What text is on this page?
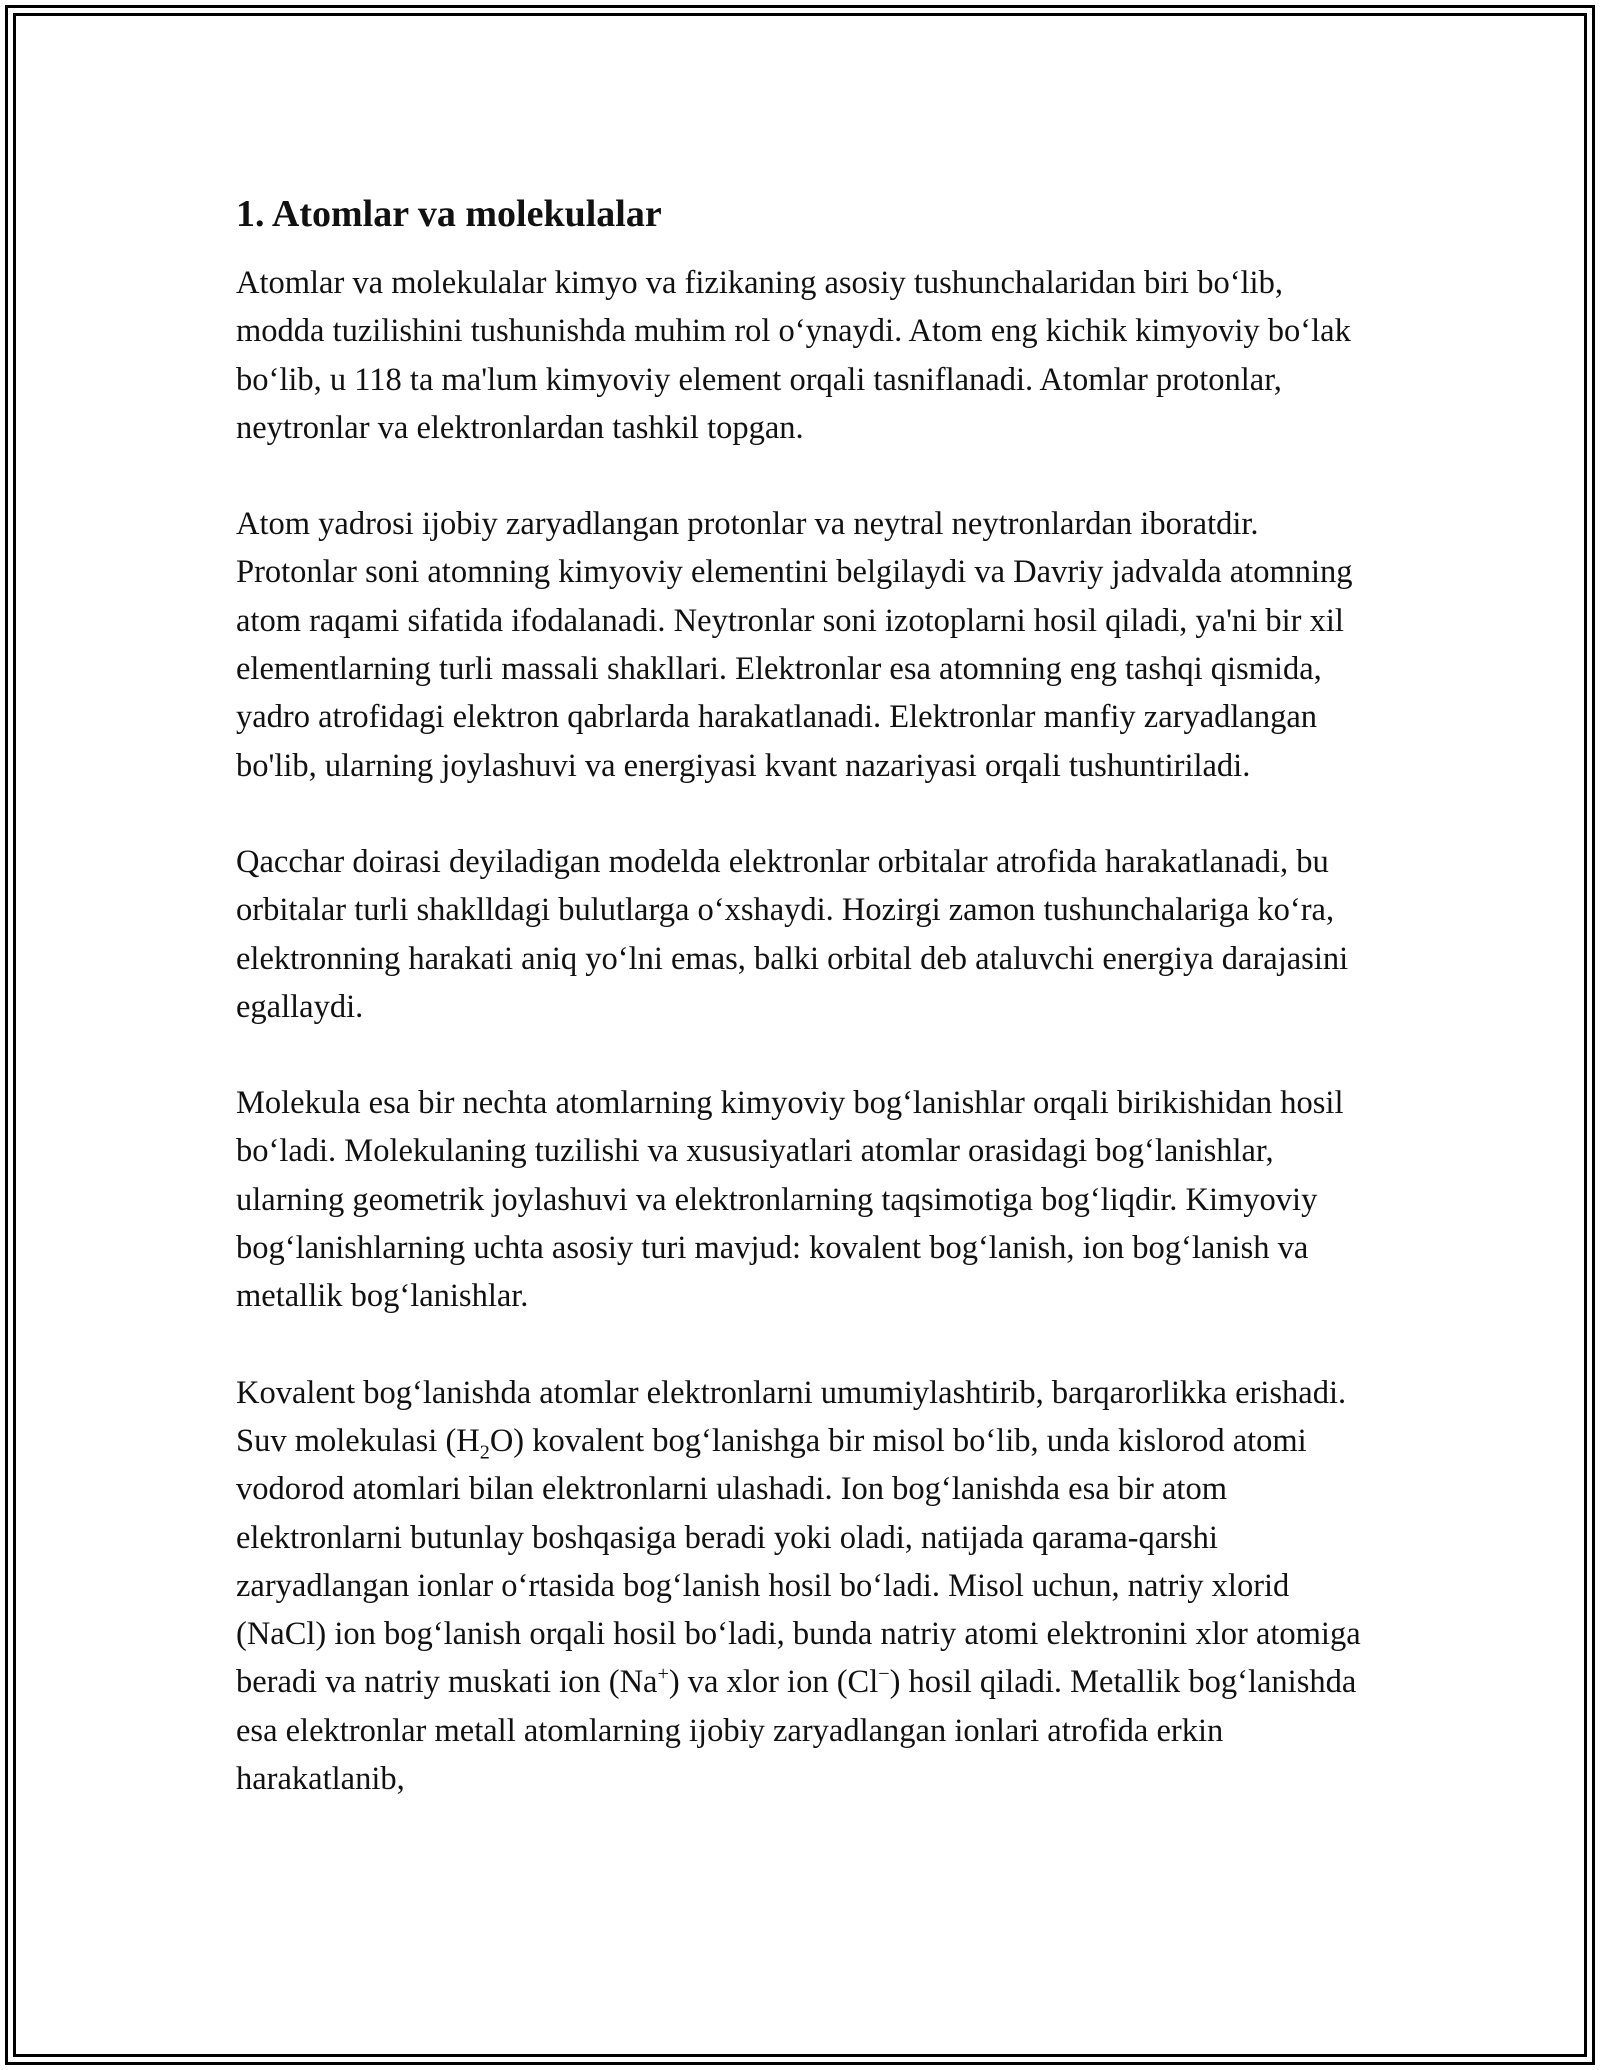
1. Atomlar va molekulalar

Atomlar va molekulalar kimyo va fizikaning asosiy tushunchalaridan biri boʻlib, modda tuzilishini tushunishda muhim rol oʻynaydi. Atom eng kichik kimyoviy boʻlak boʻlib, u 118 ta ma'lum kimyoviy element orqali tasniflanadi. Atomlar protonlar, neytronlar va elektronlardan tashkil topgan.

Atom yadrosi ijobiy zaryadlangan protonlar va neytral neytronlardan iboratdir. Protonlar soni atomning kimyoviy elementini belgilaydi va Davriy jadvalda atomning atom raqami sifatida ifodalanadi. Neytronlar soni izotoplarni hosil qiladi, ya'ni bir xil elementlarning turli massali shakllari. Elektronlar esa atomning eng tashqi qismida, yadro atrofidagi elektron qabrlarda harakatlanadi. Elektronlar manfiy zaryadlangan bo'lib, ularning joylashuvi va energiyasi kvant nazariyasi orqali tushuntiriladi.

Qacchar doirasi deyiladigan modelda elektronlar orbitalar atrofida harakatlanadi, bu orbitalar turli shaklldagi bulutlarga oʻxshaydi. Hozirgi zamon tushunchalariga koʻra, elektronning harakati aniq yoʻlni emas, balki orbital deb ataluvchi energiya darajasini egallaydi.

Molekula esa bir nechta atomlarning kimyoviy bogʻlanishlar orqali birikishidan hosil boʻladi. Molekulaning tuzilishi va xususiyatlari atomlar orasidagi bogʻlanishlar, ularning geometrik joylashuvi va elektronlarning taqsimotiga bogʻliqdir. Kimyoviy bogʻlanishlarning uchta asosiy turi mavjud: kovalent bogʻlanish, ion bogʻlanish va metallik bogʻlanishlar.

Kovalent bogʻlanishda atomlar elektronlarni umumiylashtirib, barqarorlikka erishadi. Suv molekulasi $(H_2O)$ kovalent bogʻlanishga bir misol boʻlib, unda kislorod atomi vodorod atomlari bilan elektronlarni ulashadi. Ion bogʻlanishda esa bir atom elektronlarni butunlay boshqasiga beradi yoki oladi, natijada qarama-qarshi zaryadlangan ionlar oʻrtasida bogʻlanish hosil boʻladi. Misol uchun, natriy xlorid (NaCl) ion bogʻlanish orqali hosil boʻladi, bunda natriy atomi elektronini xlor atomiga beradi va natriy muskati ion (Na+) va xlor ion (Cl−) hosil qiladi. Metallik bogʻlanishda esa elektronlar metall atomlarning ijobiy zaryadlangan ionlari atrofida erkin harakatlanib,
